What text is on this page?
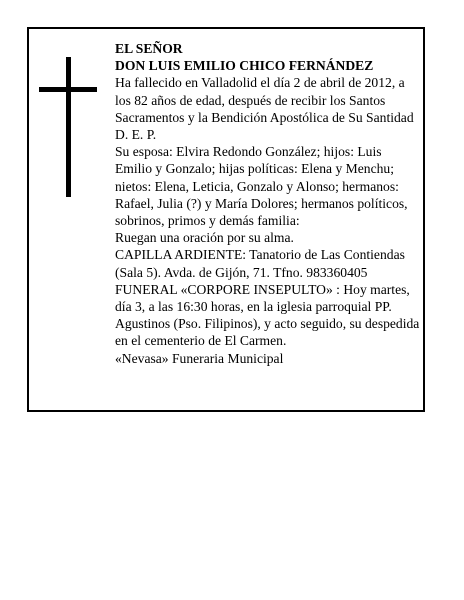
EL SEÑOR

DON LUIS EMILIO CHICO FERNÁNDEZ

Ha fallecido en Valladolid el día 2 de abril de 2012, a los 82 años de edad, después de recibir los Santos Sacramentos y la Bendición Apostólica de Su Santidad D. E. P.

Su esposa: Elvira Redondo González; hijos: Luis Emilio y Gonzalo; hijas políticas: Elena y Menchu; nietos: Elena, Leticia, Gonzalo y Alonso; hermanos: Rafael, Julia (?) y María Dolores; hermanos políticos, sobrinos, primos y demás familia:

Ruegan una oración por su alma.

CAPILLA ARDIENTE: Tanatorio de Las Contiendas (Sala 5). Avda. de Gijón, 71. Tfno. 983360405

FUNERAL «CORPORE INSEPULTO» : Hoy martes, día 3, a las 16:30 horas, en la iglesia parroquial PP. Agustinos (Pso. Filipinos), y acto seguido, su despedida en el cementerio de El Carmen.

«Nevasa» Funeraria Municipal
